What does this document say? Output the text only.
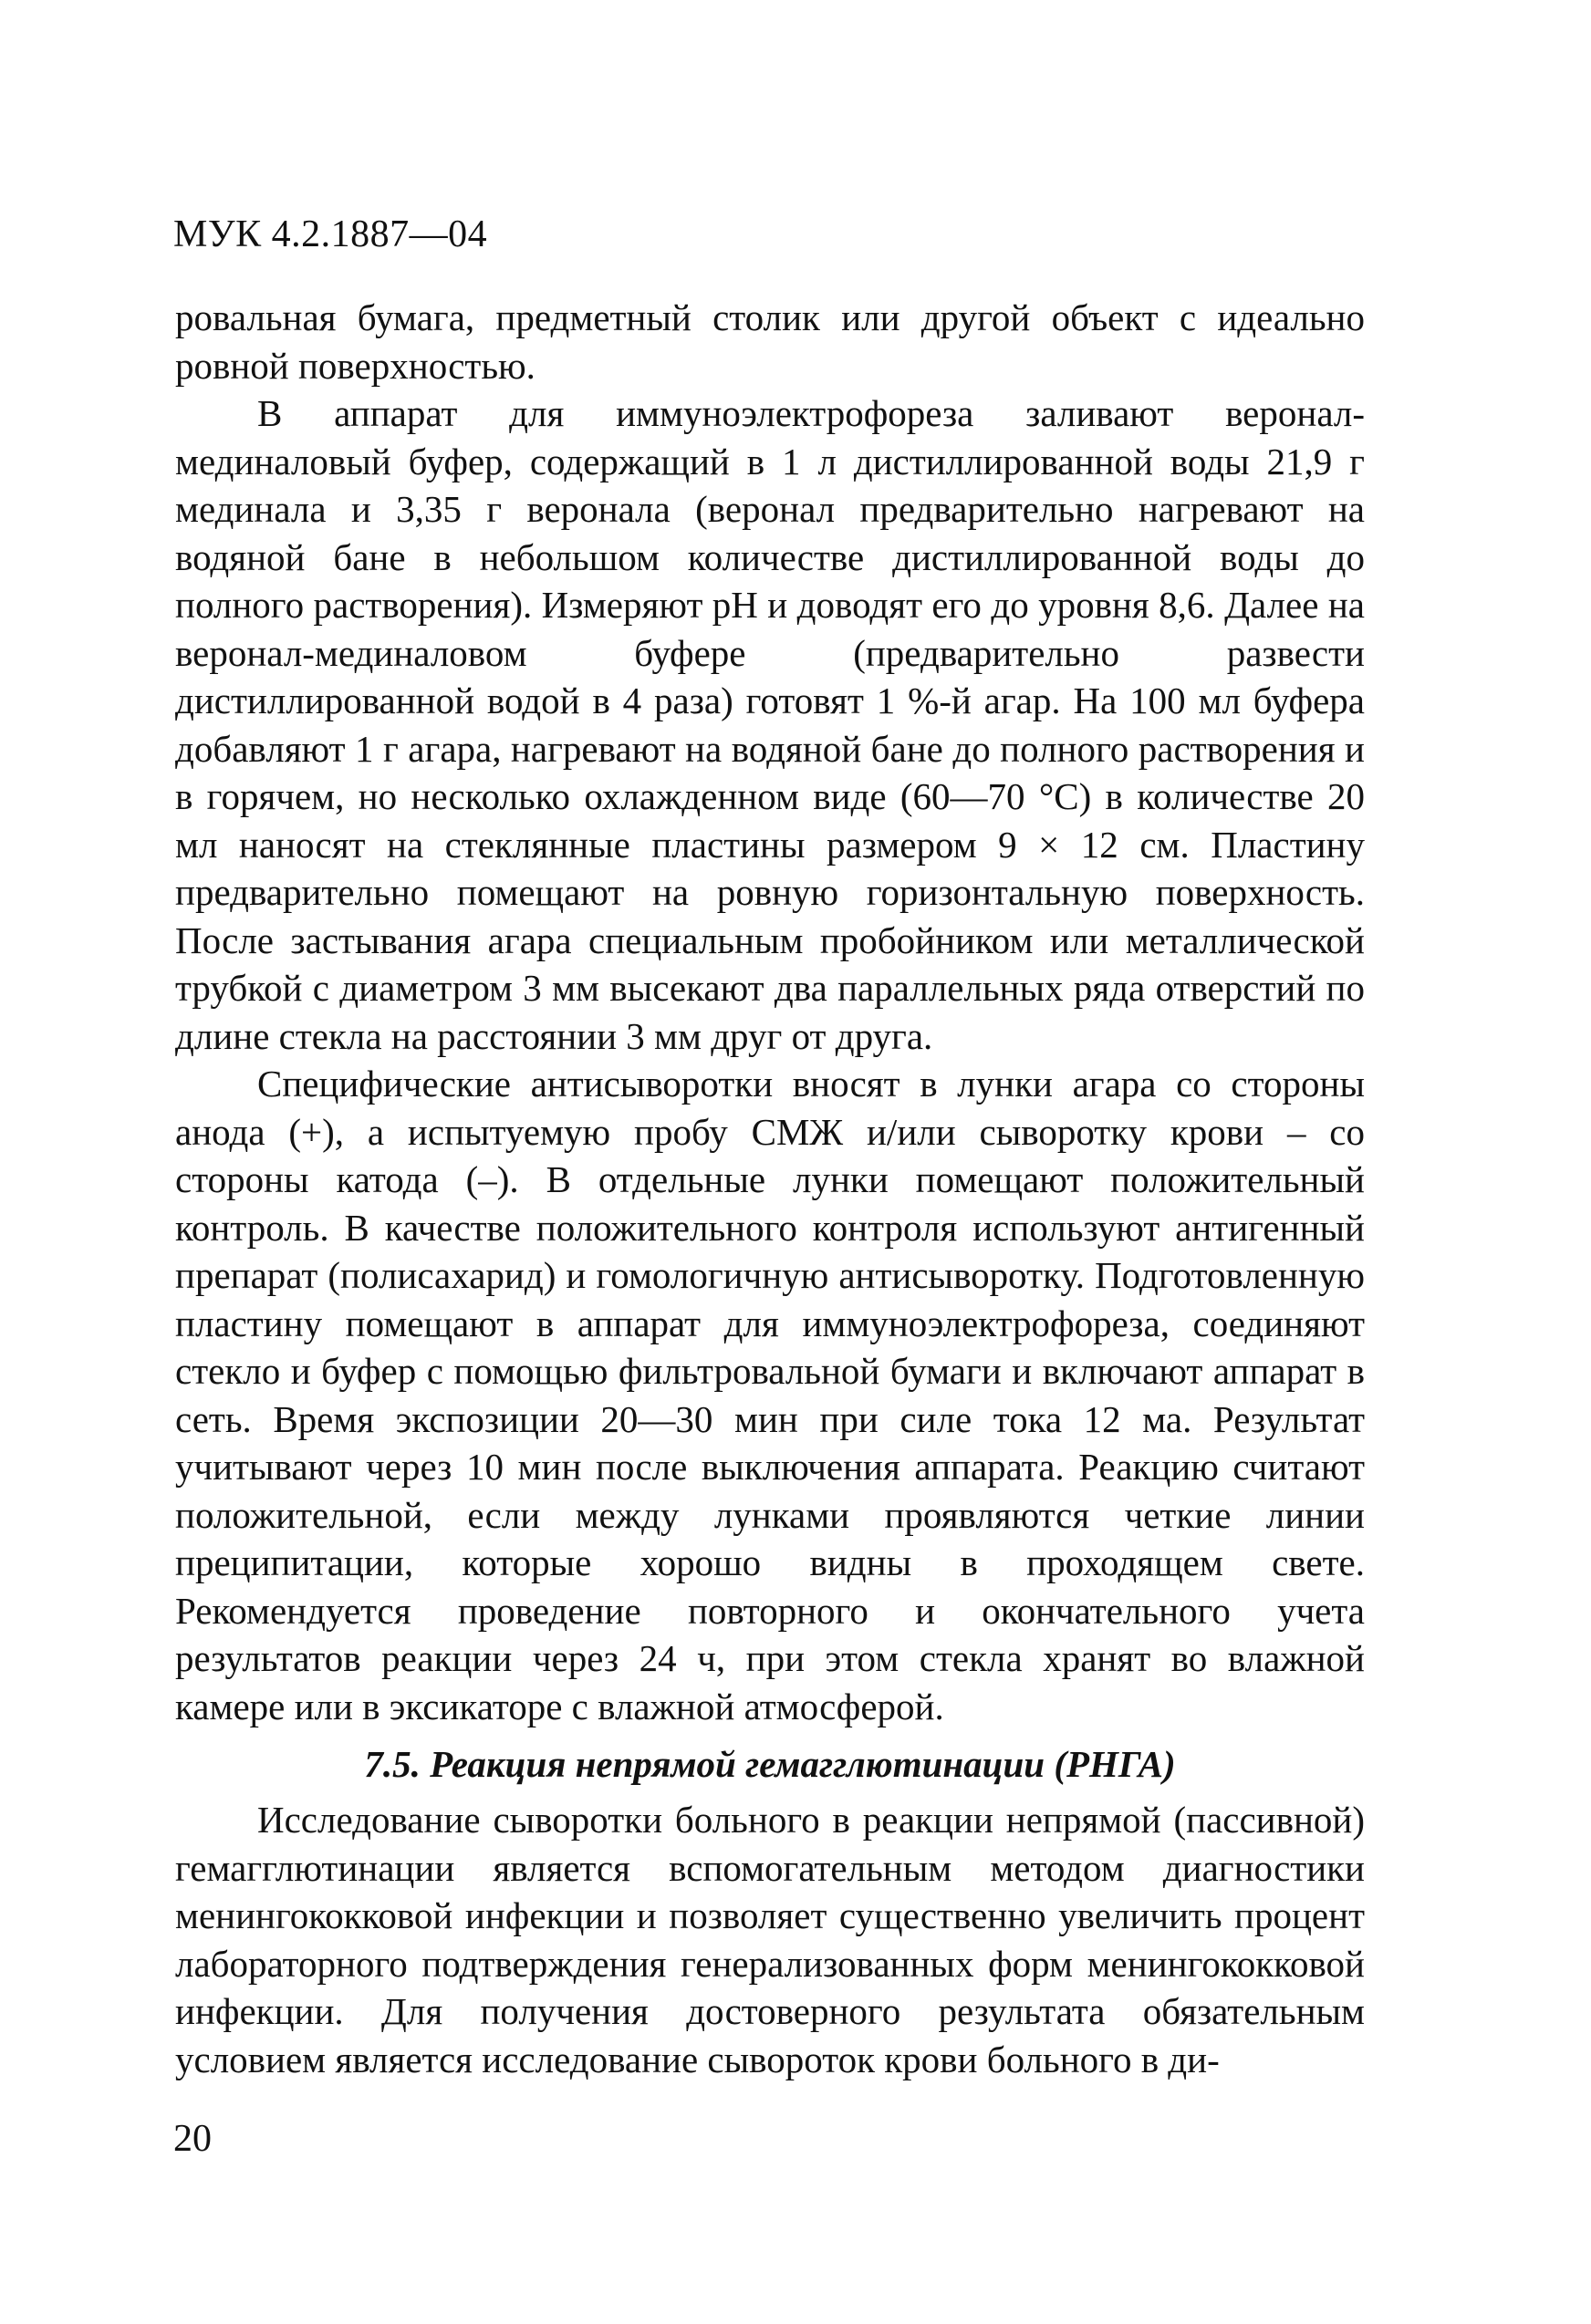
МУК 4.2.1887—04

ровальная бумага, предметный столик или другой объект с идеально ровной поверхностью.

В аппарат для иммуноэлектрофореза заливают веронал-мединаловый буфер, содержащий в 1 л дистиллированной воды 21,9 г мединала и 3,35 г веронала (веронал предварительно нагревают на водяной бане в небольшом количестве дистиллированной воды до полного растворения). Измеряют pH и доводят его до уровня 8,6. Далее на веронал-мединаловом буфере (предварительно развести дистиллированной водой в 4 раза) готовят 1 %-й агар. На 100 мл буфера добавляют 1 г агара, нагревают на водяной бане до полного растворения и в горячем, но несколько охлажденном виде (60—70 °С) в количестве 20 мл наносят на стеклянные пластины размером 9 × 12 см. Пластину предварительно помещают на ровную горизонтальную поверхность. После застывания агара специальным пробойником или металлической трубкой с диаметром 3 мм высекают два параллельных ряда отверстий по длине стекла на расстоянии 3 мм друг от друга.

Специфические антисыворотки вносят в лунки агара со стороны анода (+), а испытуемую пробу СМЖ и/или сыворотку крови – со стороны катода (–). В отдельные лунки помещают положительный контроль. В качестве положительного контроля используют антигенный препарат (полисахарид) и гомологичную антисыворотку. Подготовленную пластину помещают в аппарат для иммуноэлектрофореза, соединяют стекло и буфер с помощью фильтровальной бумаги и включают аппарат в сеть. Время экспозиции 20—30 мин при силе тока 12 ма. Результат учитывают через 10 мин после выключения аппарата. Реакцию считают положительной, если между лунками проявляются четкие линии преципитации, которые хорошо видны в проходящем свете. Рекомендуется проведение повторного и окончательного учета результатов реакции через 24 ч, при этом стекла хранят во влажной камере или в эксикаторе с влажной атмосферой.

7.5. Реакция непрямой гемагглютинации (РНГА)

Исследование сыворотки больного в реакции непрямой (пассивной) гемагглютинации является вспомогательным методом диагностики менингококковой инфекции и позволяет существенно увеличить процент лабораторного подтверждения генерализованных форм менингококковой инфекции. Для получения достоверного результата обязательным условием является исследование сывороток крови больного в ди-

20
